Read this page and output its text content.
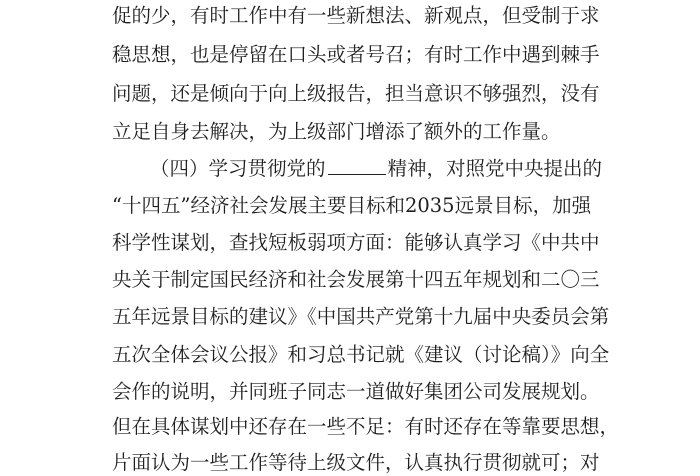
促的少，有时工作中有一些新想法、新观点，但受制于求
稳思想，也是停留在口头或者号召；有时工作中遇到棘手
问题，还是倾向于向上级报告，担当意识不够强烈，没有
立足自身去解决，为上级部门增添了额外的工作量。
（四）学习贯彻党的	精神，对照党中央提出的
“十四五”经济社会发展主要目标和2035远景目标，加强
科学性谋划，查找短板弱项方面：能够认真学习《中共中
央关于制定国民经济和社会发展第十四五年规划和二〇三
五年远景目标的建议》《中国共产党第十九届中央委员会第
五次全体会议公报》和习总书记就《建议（讨论稿）》向全
会作的说明，并同班子同志一道做好集团公司发展规划。
但在具体谋划中还存在一些不足：有时还存在等靠要思想，
片面认为一些工作等待上级文件，认真执行贯彻就可；对
